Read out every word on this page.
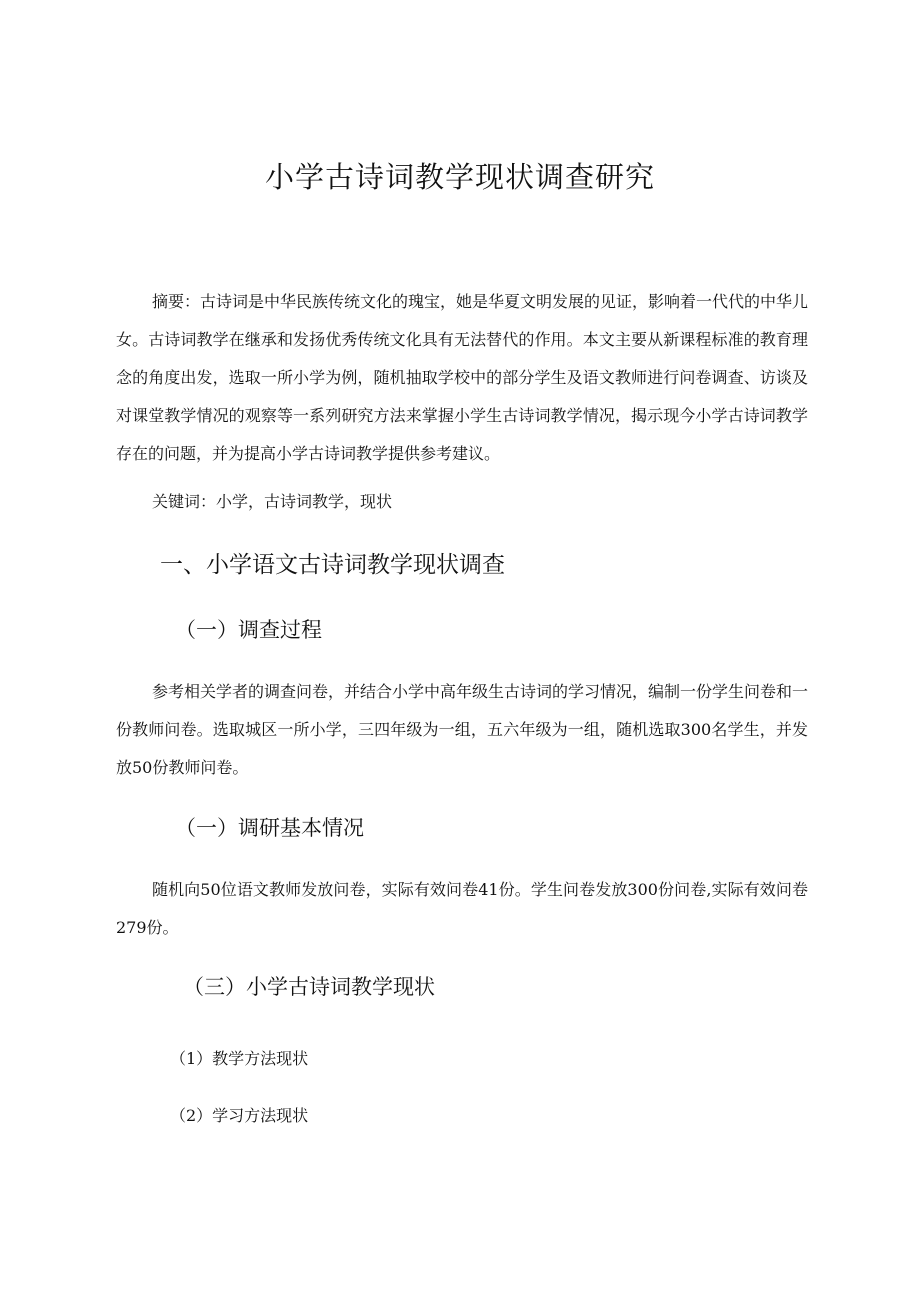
小学古诗词教学现状调查研究

摘要：古诗词是中华民族传统文化的瑰宝，她是华夏文明发展的见证，影响着一代代的中华儿女。古诗词教学在继承和发扬优秀传统文化具有无法替代的作用。本文主要从新课程标准的教育理念的角度出发，选取一所小学为例，随机抽取学校中的部分学生及语文教师进行问卷调查、访谈及对课堂教学情况的观察等一系列研究方法来掌握小学生古诗词教学情况，揭示现今小学古诗词教学存在的问题，并为提高小学古诗词教学提供参考建议。

关键词：小学，古诗词教学，现状

一、小学语文古诗词教学现状调查
（一）调查过程

参考相关学者的调查问卷，并结合小学中高年级生古诗词的学习情况，编制一份学生问卷和一份教师问卷。选取城区一所小学，三四年级为一组，五六年级为一组，随机选取300名学生，并发放50份教师问卷。

（一）调研基本情况

随机向50位语文教师发放问卷，实际有效问卷41份。学生问卷发放300份问卷,实际有效问卷279份。

（三）小学古诗词教学现状
（1）教学方法现状
（2）学习方法现状
